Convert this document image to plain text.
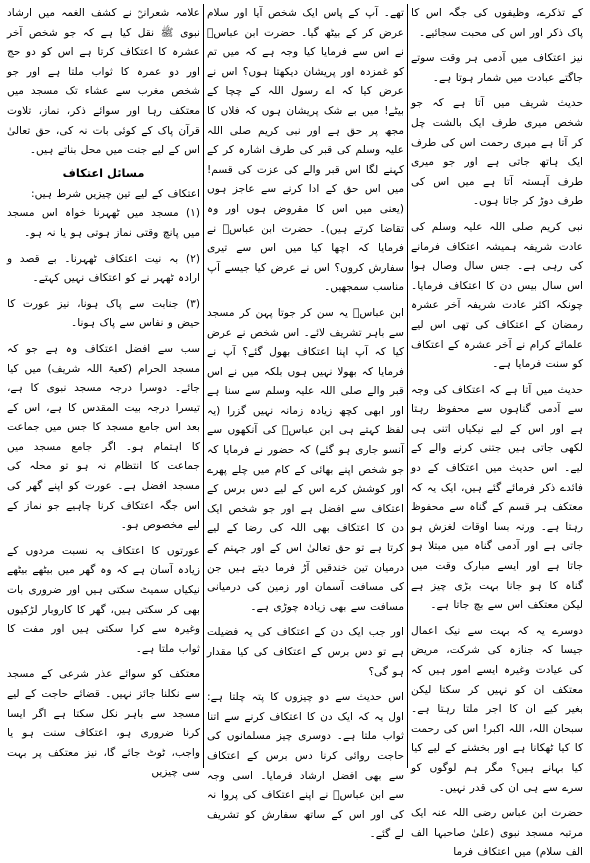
کے تذکرے، وظیفوں کی جگہ اس کا پاک ذکر اور اس کی محبت سجائیے۔

نیز اعتکاف میں آدمی ہر وقت سوتے جاگتے عبادت میں شمار ہوتا ہے۔

حدیث شریف میں آتا ہے کہ جو شخص میری طرف ایک بالشت چل کر آتا ہے میری رحمت اس کی طرف ایک ہاتھ جاتی ہے اور جو میری طرف آہستہ آتا ہے میں اس کی طرف دوڑ کر جاتا ہوں۔

نبی کریم صلی اللہ علیہ وسلم کی عادت شریفہ ہمیشہ اعتکاف فرمانے کی رہی ہے۔ جس سال وصال ہوا اس سال بیس دن کا اعتکاف فرمایا۔ چونکہ اکثر عادت شریفہ آخر عشرہ رمضان کے اعتکاف کی تھی اس لیے علمائے کرام نے آخر عشرہ کے اعتکاف کو سنت فرمایا ہے۔

حدیث میں آتا ہے کہ اعتکاف کی وجہ سے آدمی گناہوں سے محفوظ رہتا ہے اور اس کے لیے نیکیاں اتنی ہی لکھی جاتی ہیں جتنی کرنے والے کے لیے۔ اس حدیث میں اعتکاف کے دو فائدے ذکر فرمائے گئے ہیں، ایک یہ کہ معتکف ہر قسم کے گناہ سے محفوظ رہتا ہے۔ ورنہ بسا اوقات لغزش ہو جاتی ہے اور آدمی گناہ میں مبتلا ہو جاتا ہے اور ایسے مبارک وقت میں گناہ کا ہو جانا بہت بڑی چیز ہے لیکن معتکف اس سے بچ جاتا ہے۔

دوسرے یہ کہ بہت سے نیک اعمال جیسا کہ جنازہ کی شرکت، مریض کی عیادت وغیرہ ایسے امور ہیں کہ معتکف ان کو نہیں کر سکتا لیکن بغیر کیے ان کا اجر ملتا رہتا ہے۔ سبحان اللہ، اللہ اکبر! اس کی رحمت کا کیا ٹھکانا ہے اور بخشنے کے لیے کیا کیا بہانے ہیں؟ مگر ہم لوگوں کو سرے سے ہی ان کی قدر نہیں۔

حضرت ابن عباس رضی اللہ عنہ ایک مرتبہ مسجد نبوی (علیٰ صاحبہا الف الف سلام) میں اعتکاف فرما

تھے۔ آپ کے پاس ایک شخص آیا اور سلام عرض کر کے بیٹھ گیا۔ حضرت ابن عباسؓ نے اس سے فرمایا کیا وجہ ہے کہ میں تم کو غمزدہ اور پریشان دیکھتا ہوں؟ اس نے عرض کیا کہ اے رسول اللہ کے چچا کے بیٹے! میں بے شک پریشان ہوں کہ فلاں کا مجھ پر حق ہے اور نبی کریم صلی اللہ علیہ وسلم کی قبر کی طرف اشارہ کر کے کہنے لگا اس قبر والے کی عزت کی قسم! میں اس حق کے ادا کرنے سے عاجز ہوں (یعنی میں اس کا مقروض ہوں اور وہ تقاضا کرتے ہیں)۔ حضرت ابن عباسؓ نے فرمایا کہ اچھا کیا میں اس سے تیری سفارش کروں؟ اس نے عرض کیا جیسے آپ مناسب سمجھیں۔

ابن عباسؓ یہ سن کر جوتا پہن کر مسجد سے باہر تشریف لائے۔ اس شخص نے عرض کیا کہ آپ اپنا اعتکاف بھول گئے؟ آپ نے فرمایا کہ بھولا نہیں ہوں بلکہ میں نے اس قبر والے صلی اللہ علیہ وسلم سے سنا ہے اور ابھی کچھ زیادہ زمانہ نہیں گزرا (یہ لفظ کہتے ہی ابن عباسؓ کی آنکھوں سے آنسو جاری ہو گئے) کہ حضور نے فرمایا کہ جو شخص اپنے بھائی کے کام میں چلے پھرے اور کوشش کرے اس کے لیے دس برس کے اعتکاف سے افضل ہے اور جو شخص ایک دن کا اعتکاف بھی اللہ کی رضا کے لیے کرتا ہے تو حق تعالیٰ اس کے اور جہنم کے درمیان تین خندقیں آڑ فرما دیتے ہیں جن کی مسافت آسمان اور زمین کی درمیانی مسافت سے بھی زیادہ چوڑی ہے۔

اور جب ایک دن کے اعتکاف کی یہ فضیلت ہے تو دس برس کے اعتکاف کی کیا مقدار ہو گی؟

اس حدیث سے دو چیزوں کا پتہ چلتا ہے: اول یہ کہ ایک دن کا اعتکاف کرنے سے اتنا ثواب ملتا ہے۔ دوسری چیز مسلمانوں کی حاجت روائی کرنا دس برس کے اعتکاف سے بھی افضل ارشاد فرمایا۔ اسی وجہ سے ابن عباسؓ نے اپنے اعتکاف کی پروا نہ کی اور اس کے ساتھ سفارش کو تشریف لے گئے۔

علامہ شعرانیؒ نے کشف الغمہ میں ارشاد نبوی ﷺ نقل کیا ہے کہ جو شخص آخر عشرہ کا اعتکاف کرتا ہے اس کو دو حج اور دو عمرہ کا ثواب ملتا ہے اور جو شخص مغرب سے عشاء تک مسجد میں معتکف رہا اور سوائے ذکر، نماز، تلاوت قرآن پاک کے کوئی بات نہ کی، حق تعالیٰ اس کے لیے جنت میں محل بناتے ہیں۔

مسائل اعتکاف

اعتکاف کے لیے تین چیزیں شرط ہیں:

(۱) مسجد میں ٹھہرنا خواہ اس مسجد میں پانچ وقتی نماز ہوتی ہو یا نہ ہو۔

(۲) بہ نیت اعتکاف ٹھہرنا۔ بے قصد و ارادہ ٹھہر نے کو اعتکاف نہیں کہتے۔

(۳) جنابت سے پاک ہونا، نیز عورت کا حیض و نفاس سے پاک ہونا۔

سب سے افضل اعتکاف وہ ہے جو کہ مسجد الحرام (کعبۃ اللہ شریف) میں کیا جائے۔ دوسرا درجہ مسجد نبوی کا ہے، تیسرا درجہ بیت المقدس کا ہے، اس کے بعد اس جامع مسجد کا جس میں جماعت کا اہتمام ہو۔ اگر جامع مسجد میں جماعت کا انتظام نہ ہو تو محلہ کی مسجد افضل ہے۔ عورت کو اپنے گھر کی اس جگہ اعتکاف کرنا چاہیے جو نماز کے لیے مخصوص ہو۔

عورتوں کا اعتکاف بہ نسبت مردوں کے زیادہ آسان ہے کہ وہ گھر میں بیٹھے بیٹھے نیکیاں سمیٹ سکتی ہیں اور ضروری بات بھی کر سکتی ہیں، گھر کا کاروبار لڑکیوں وغیرہ سے کرا سکتی ہیں اور مفت کا ثواب ملتا ہے۔

معتکف کو سوائے عذر شرعی کے مسجد سے نکلنا جائز نہیں۔ قضائے حاجت کے لیے مسجد سے باہر نکل سکتا ہے اگر ایسا کرنا ضروری ہو، اعتکاف سنت ہو یا واجب، ٹوٹ جائے گا، نیز معتکف پر بہت سی چیزیں
